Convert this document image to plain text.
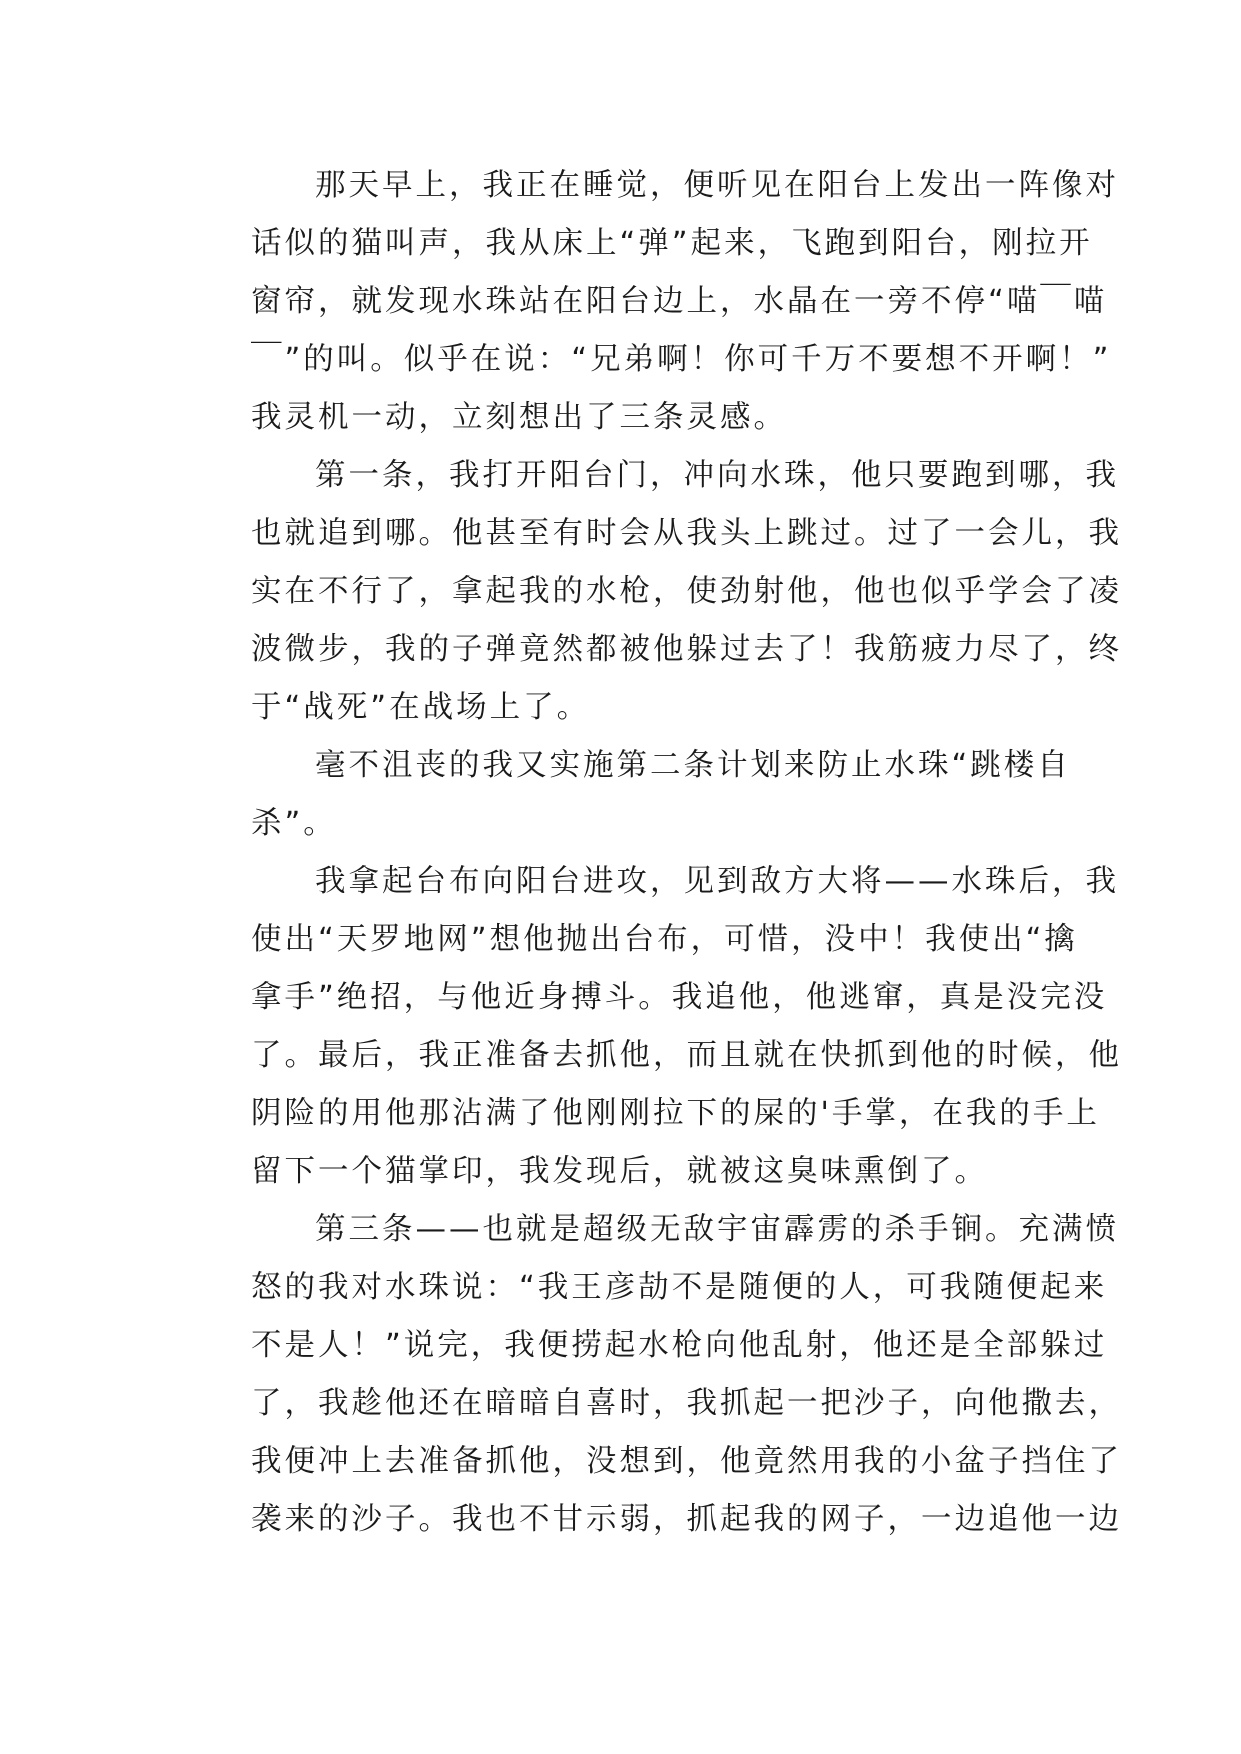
那天早上，我正在睡觉，便听见在阳台上发出一阵像对
话似的猫叫声，我从床上“弹”起来，飞跑到阳台，刚拉开
窗帘，就发现水珠站在阳台边上，水晶在一旁不停“喵￣喵
￣”的叫。似乎在说：“兄弟啊！你可千万不要想不开啊！”
我灵机一动，立刻想出了三条灵感。
第一条，我打开阳台门，冲向水珠，他只要跑到哪，我
也就追到哪。他甚至有时会从我头上跳过。过了一会儿，我
实在不行了，拿起我的水枪，使劲射他，他也似乎学会了凌
波微步，我的子弹竟然都被他躲过去了！我筋疲力尽了，终
于“战死”在战场上了。
毫不沮丧的我又实施第二条计划来防止水珠“跳楼自
杀”。
我拿起台布向阳台进攻，见到敌方大将——水珠后，我
使出“天罗地网”想他抛出台布，可惜，没中！我使出“擒
拿手”绝招，与他近身搏斗。我追他，他逃窜，真是没完没
了。最后，我正准备去抓他，而且就在快抓到他的时候，他
阴险的用他那沾满了他刚刚拉下的屎的'手掌，在我的手上
留下一个猫掌印，我发现后，就被这臭味熏倒了。
第三条——也就是超级无敌宇宙霹雳的杀手锏。充满愤
怒的我对水珠说：“我王彦劼不是随便的人，可我随便起来
不是人！”说完，我便捞起水枪向他乱射，他还是全部躲过
了，我趁他还在暗暗自喜时，我抓起一把沙子，向他撒去，
我便冲上去准备抓他，没想到，他竟然用我的小盆子挡住了
袭来的沙子。我也不甘示弱，抓起我的网子，一边追他一边
